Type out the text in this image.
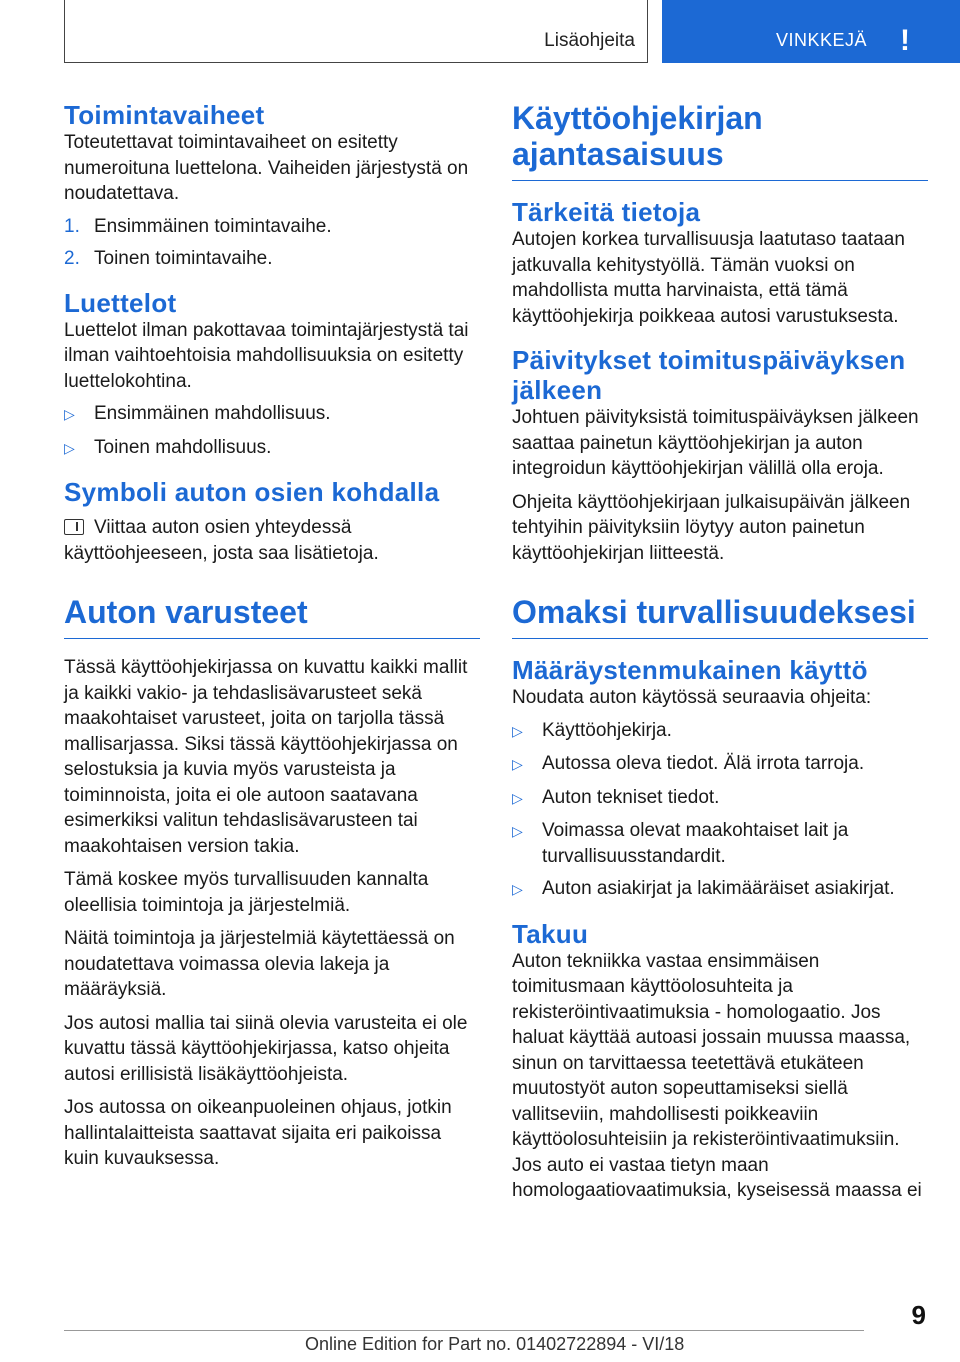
Lisäohjeita	VINKKEJÄ !
Toimintavaiheet

Toteutettavat toimintavaiheet on esitetty numeroituna luettelona. Vaiheiden järjestystä on noudatettava.

1. Ensimmäinen toimintavaihe.
2. Toinen toimintavaihe.
Luettelot

Luettelot ilman pakottavaa toimintajärjestystä tai ilman vaihtoehtoisia mahdollisuuksia on esitetty luettelokohtina.

▷	Ensimmäinen mahdollisuus.
▷	Toinen mahdollisuus.
Symboli auton osien kohdalla

Viittaa auton osien yhteydessä käyttöohjeeseen, josta saa lisätietoja.

Auton varusteet

Tässä käyttöohjekirjassa on kuvattu kaikki mallit ja kaikki vakio- ja tehdaslisävarusteet sekä maakohtaiset varusteet, joita on tarjolla tässä mallisarjassa. Siksi tässä käyttöohjekirjassa on selostuksia ja kuvia myös varusteista ja toiminnoista, joita ei ole autoon saatavana esimerkiksi valitun tehdaslisävarusteen tai maakohtaisen version takia.

Tämä koskee myös turvallisuuden kannalta oleellisia toimintoja ja järjestelmiä.

Näitä toimintoja ja järjestelmiä käytettäessä on noudatettava voimassa olevia lakeja ja määräyksiä.

Jos autosi mallia tai siinä olevia varusteita ei ole kuvattu tässä käyttöohjekirjassa, katso ohjeita autosi erillisistä lisäkäyttöohjeista.

Jos autossa on oikeanpuoleinen ohjaus, jotkin hallintalaitteista saattavat sijaita eri paikoissa kuin kuvauksessa.

Käyttöohjekirjan ajantasaisuus
Tärkeitä tietoja

Autojen korkea turvallisuusja laatutaso taataan jatkuvalla kehitystyöllä. Tämän vuoksi on mahdollista mutta harvinaista, että tämä käyttöohjekirja poikkeaa autosi varustuksesta.

Päivitykset toimituspäiväyksen jälkeen

Johtuen päivityksistä toimituspäiväyksen jälkeen saattaa painetun käyttöohjekirjan ja auton integroidun käyttöohjekirjan välillä olla eroja.

Ohjeita käyttöohjekirjaan julkaisupäivän jälkeen tehtyihin päivityksiin löytyy auton painetun käyttöohjekirjan liitteestä.

Omaksi turvallisuudeksesi
Määräystenmukainen käyttö

Noudata auton käytössä seuraavia ohjeita:

▷	Käyttöohjekirja.
▷	Autossa oleva tiedot. Älä irrota tarroja.
▷	Auton tekniset tiedot.
▷	Voimassa olevat maakohtaiset lait ja turvallisuusstandardit.
▷	Auton asiakirjat ja lakimääräiset asiakirjat.
Takuu

Auton tekniikka vastaa ensimmäisen toimitusmaan käyttöolosuhteita ja rekisteröintivaatimuksia - homologaatio. Jos haluat käyttää autoasi jossain muussa maassa, sinun on tarvittaessa teetettävä etukäteen muutostyöt auton sopeuttamiseksi siellä vallitseviin, mahdollisesti poikkeaviin käyttöolosuhteisiin ja rekisteröintivaatimuksiin. Jos auto ei vastaa tietyn maan homologaatiovaatimuksia, kyseisessä maassa ei

9
Online Edition for Part no. 01402722894 - VI/18
